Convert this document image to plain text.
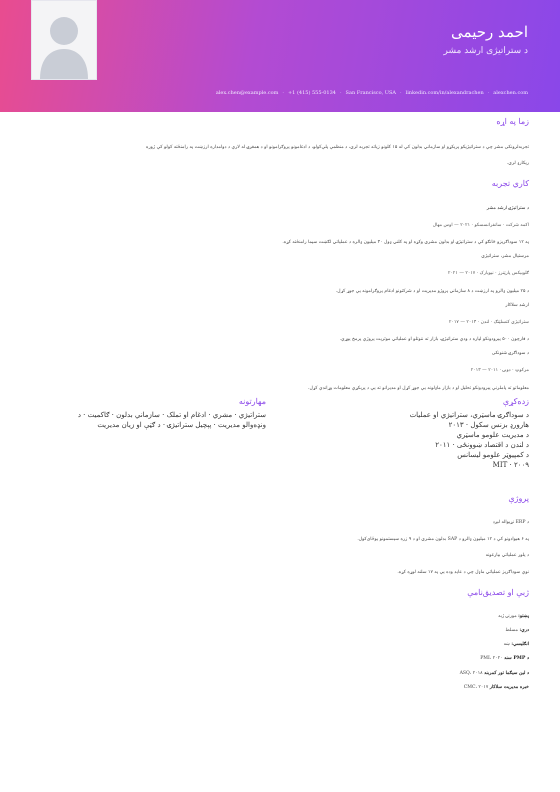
احمد رحیمی
د ستراتیژی ارشد مشر
alex.chen@example.com · +1 (415) 555-0134 · San Francisco, USA · linkedin.com/in/alexandrachen · alexchen.com
زما په اړه
تجربه‌لرونکی مشر چې د ستراتیژیکو پرېکړو او سازماني بدلون کې له ۱۵ کلونو زیاته تجربه لري، د منظمې پلې‌کولو، د ادغامونو پروګرامونو او د همغږۍ له لارې د دوامداره ارزښت په رامنځته کولو کې ژوره
ریکارډ لري.
کاري تجربه
د ستراتیژۍ ارشد مشر
اکمه شرکت · سانفرانسسکو · ۲۰۲۱ — اوس مهال
په ۱۲ سوداګریزو څانګو کې د ستراتیژۍ او بدلون مشري وکړه او په کلني ډول ۳۰ میلیون ډالره د عملیاتي لګښت سپما رامنځته کړه.
مرستیال مشر، ستراتیژي
ګلوبېکس پارټنرز · نیویارک · ۲۰۱۷ — ۲۰۲۱
د ۲۵ میلیون ډالرو په ارزښت د ۸ سازماني پروژو مدیریت او د شرکتونو ادغام پروګرامونه یې جوړ کړل.
ارشد سلاکار
ستراتیژي کنسلټنګ · لندن · ۲۰۱۳ — ۲۰۱۷
د فارچون ۵۰۰ پېرودونکو لپاره د ودې ستراتیژۍ، بازار ته ننوتلو او عملیاتي موثریت پروژې پرمخ یوړې.
د سوداګرۍ شنونکی
مرکوټ · دوبۍ · ۲۰۱۱ — ۲۰۱۳
معلوماتو ته پاملرنې پېرودونکو تحلیل او د بازار ماډلونه یې جوړ کړل او مدیرانو ته یې د پرېکړې معلومات وړاندې کړل.
زده‌کړې
د سوداګرۍ ماسټري، ستراتیژي او عملیات
هارورډ بزنس سکول · ۲۰۱۳
د مدیریت علومو ماسټري
د لندن د اقتصاد ښوونځی · ۲۰۱۱
د کمپیوټر علومو لیسانس
MIT · ۲۰۰۹
مهارتونه
ستراتیژي · مشري · ادغام او تملک · سازماني بدلون · ګاکمیت · د
ونډه‌والو مدیریت · پېچیل ستراتیژۍ · د ګټې او زیان مدیریت
پروژې
د ERP نړیواله لېږد
په ۶ هېوادونو کې د ۱۲ میلیون ډالرو د SAP بدلون مشري او د ۹ زره سیستمونو یوځای‌کول.
د پلور عملیاتي بیارغونه
نوې سوداګریز عملیاتي ماډل چې د عاید وده یې په ۱۷ سلنه لوړه کړه.
ژبې او تصدیق‌نامې
پښتو: مورنۍ ژبه
دري: مسلط
انګلیسي: ښه
د PMP سند PMI، ۲۰۲۰
د لین سیګما تور کمربند ASQ، ۲۰۱۸
خبره مدیریت سلاکار CMC، ۲۰۱۷
